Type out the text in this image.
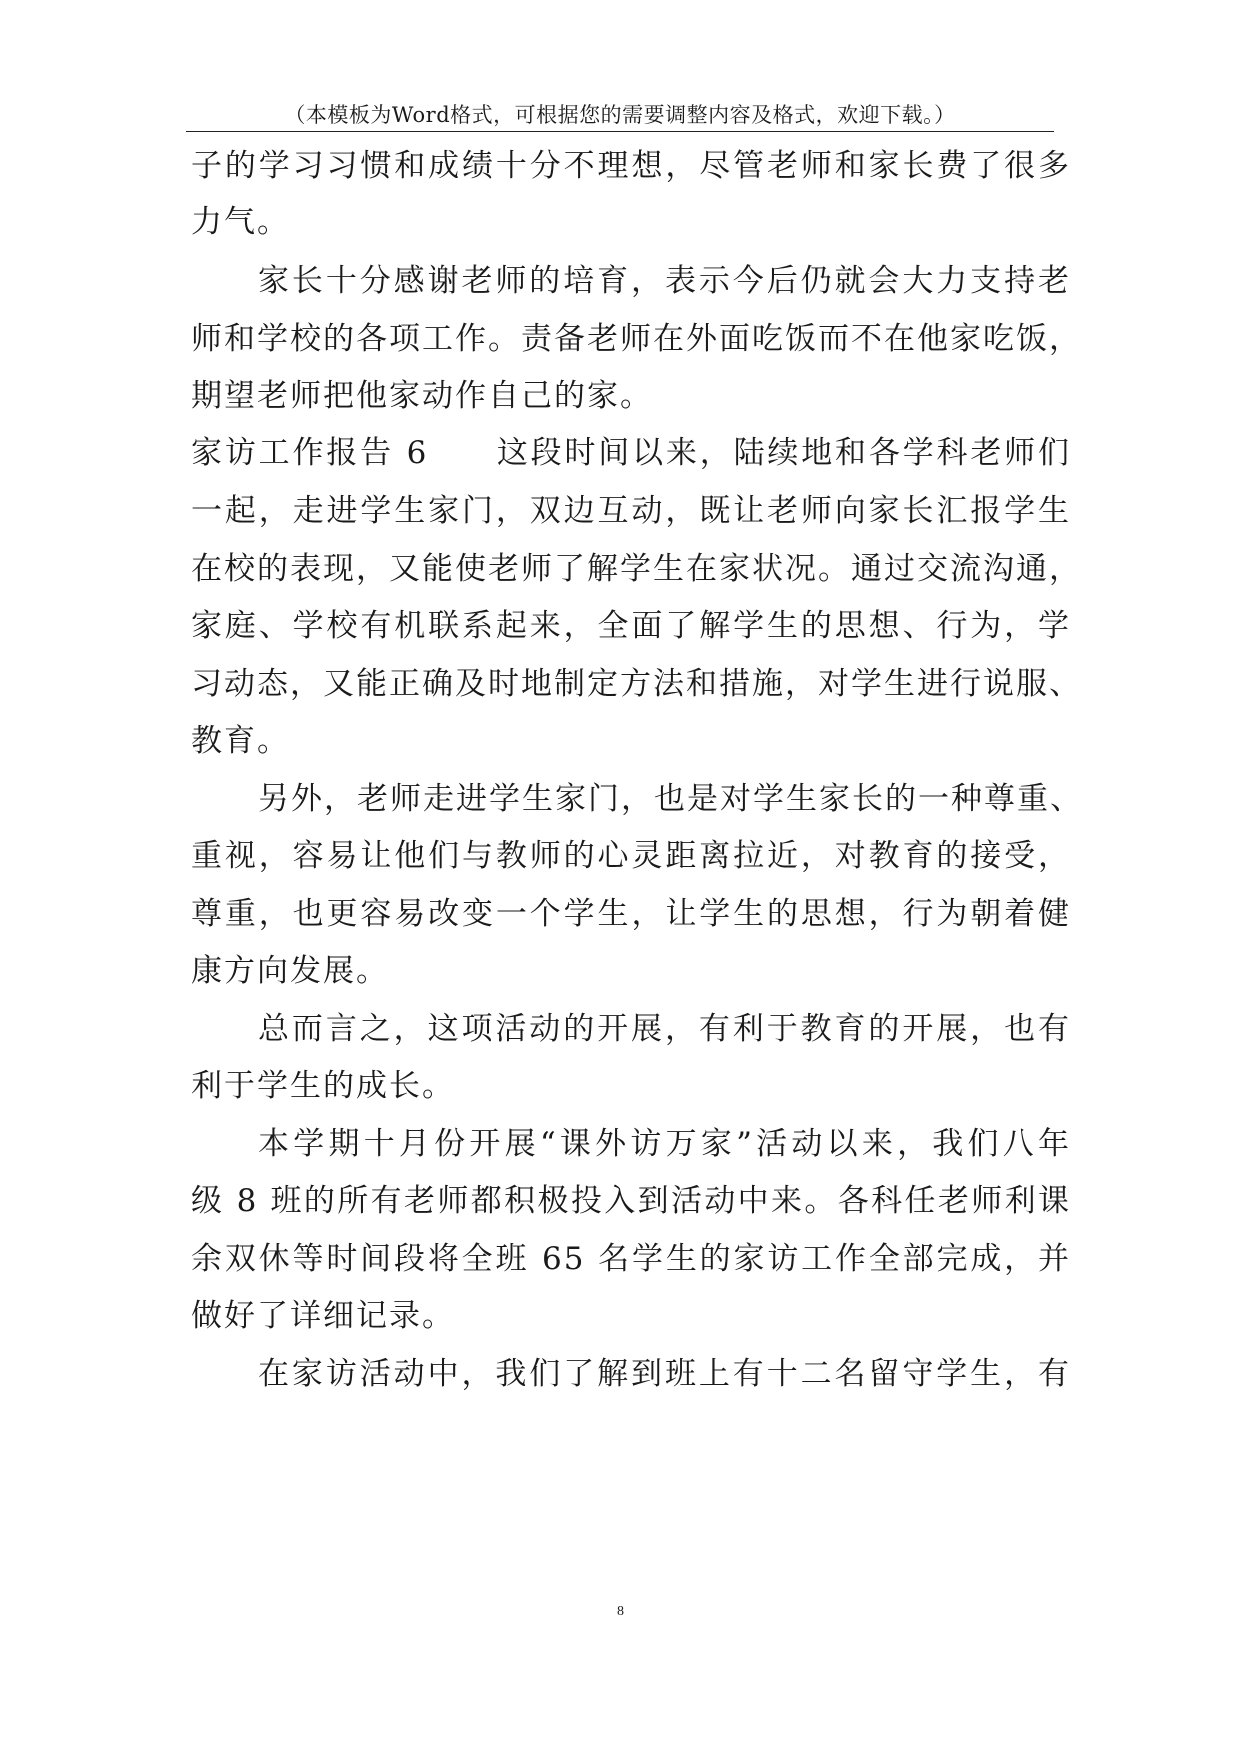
（本模板为Word格式，可根据您的需要调整内容及格式，欢迎下载。）
子的学习习惯和成绩十分不理想，尽管老师和家长费了很多
力气。
家长十分感谢老师的培育，表示今后仍就会大力支持老
师和学校的各项工作。责备老师在外面吃饭而不在他家吃饭，
期望老师把他家动作自己的家。
家访工作报告 6　　这段时间以来，陆续地和各学科老师们
一起，走进学生家门，双边互动，既让老师向家长汇报学生
在校的表现，又能使老师了解学生在家状况。通过交流沟通，
家庭、学校有机联系起来，全面了解学生的思想、行为，学
习动态，又能正确及时地制定方法和措施，对学生进行说服、
教育。
另外，老师走进学生家门，也是对学生家长的一种尊重、
重视，容易让他们与教师的心灵距离拉近，对教育的接受，
尊重，也更容易改变一个学生，让学生的思想，行为朝着健
康方向发展。
总而言之，这项活动的开展，有利于教育的开展，也有
利于学生的成长。
本学期十月份开展“课外访万家”活动以来，我们八年
级 8 班的所有老师都积极投入到活动中来。各科任老师利课
余双休等时间段将全班 65 名学生的家访工作全部完成，并
做好了详细记录。
在家访活动中，我们了解到班上有十二名留守学生，有
8
